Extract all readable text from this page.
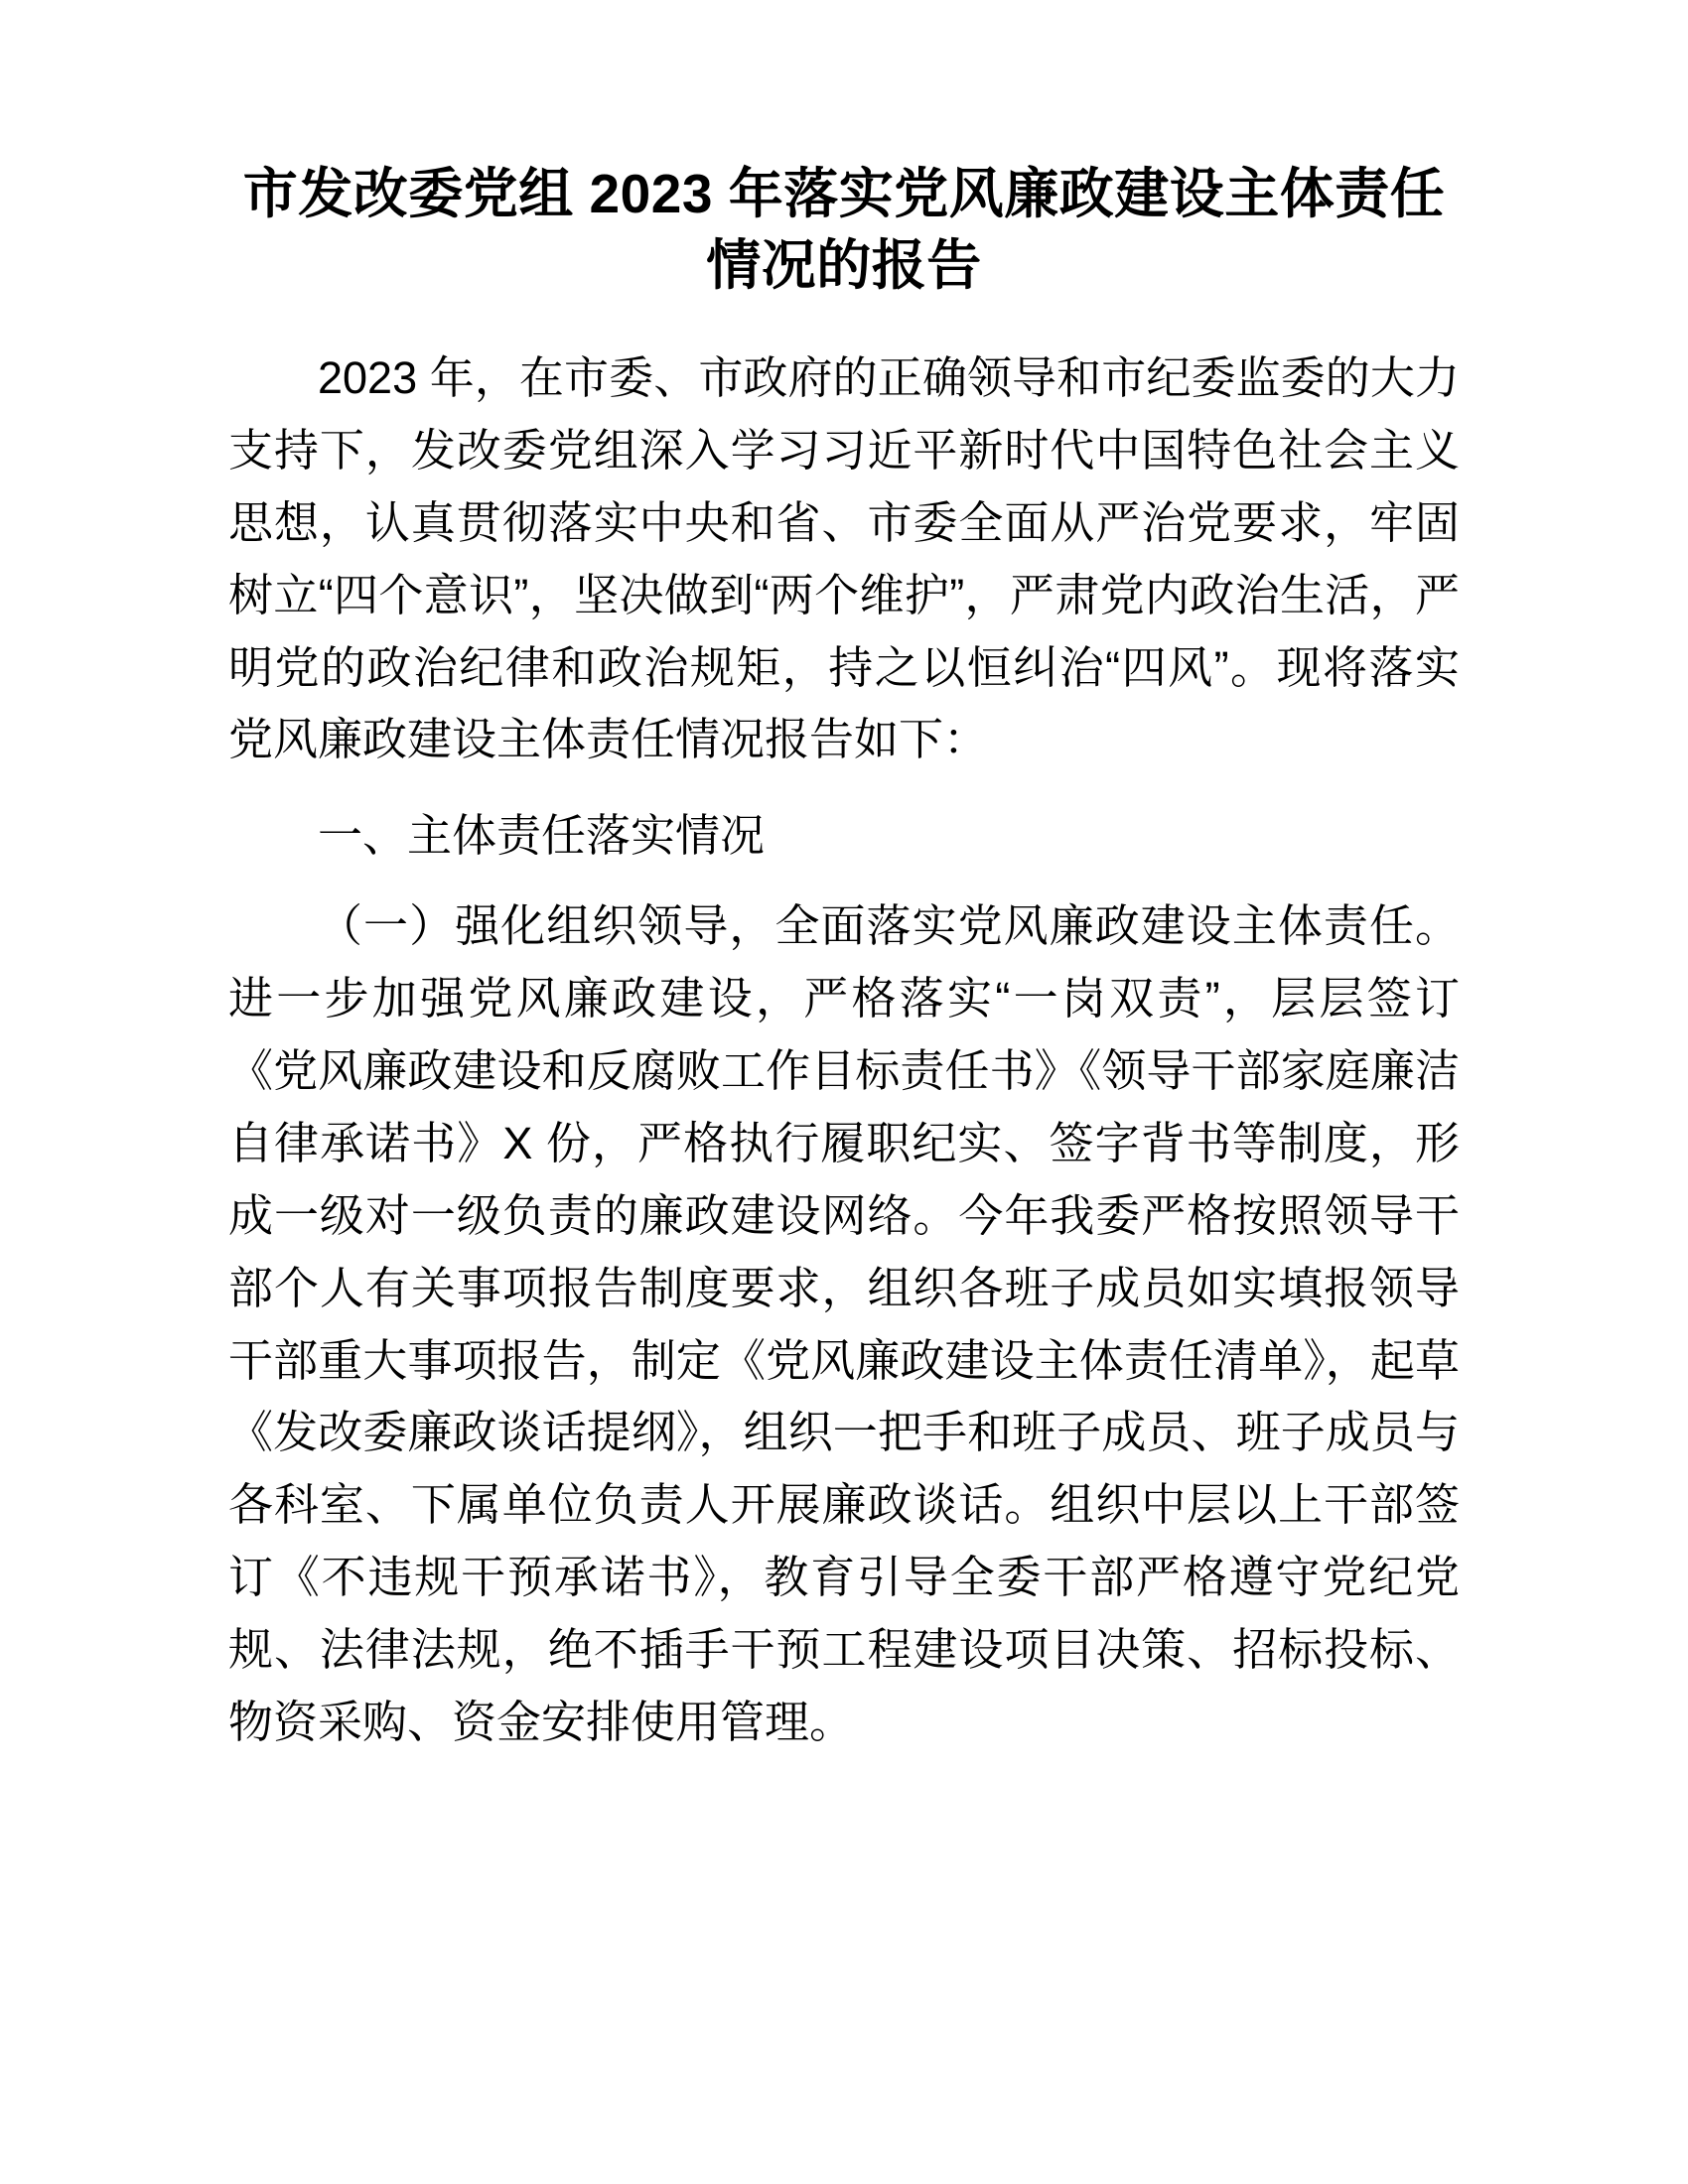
市发改委党组 2023 年落实党风廉政建设主体责任情况的报告

2023 年，在市委、市政府的正确领导和市纪委监委的大力支持下，发改委党组深入学习习近平新时代中国特色社会主义思想，认真贯彻落实中央和省、市委全面从严治党要求，牢固树立“四个意识”，坚决做到“两个维护”，严肃党内政治生活，严明党的政治纪律和政治规矩，持之以恒纠治“四风”。现将落实党风廉政建设主体责任情况报告如下：

一、主体责任落实情况

（一）强化组织领导，全面落实党风廉政建设主体责任。进一步加强党风廉政建设，严格落实“一岗双责”，层层签订《党风廉政建设和反腐败工作目标责任书》《领导干部家庭廉洁自律承诺书》X 份，严格执行履职纪实、签字背书等制度，形成一级对一级负责的廉政建设网络。今年我委严格按照领导干部个人有关事项报告制度要求，组织各班子成员如实填报领导干部重大事项报告，制定《党风廉政建设主体责任清单》，起草《发改委廉政谈话提纲》，组织一把手和班子成员、班子成员与各科室、下属单位负责人开展廉政谈话。组织中层以上干部签订《不违规干预承诺书》，教育引导全委干部严格遵守党纪党规、法律法规，绝不插手干预工程建设项目决策、招标投标、物资采购、资金安排使用管理。
